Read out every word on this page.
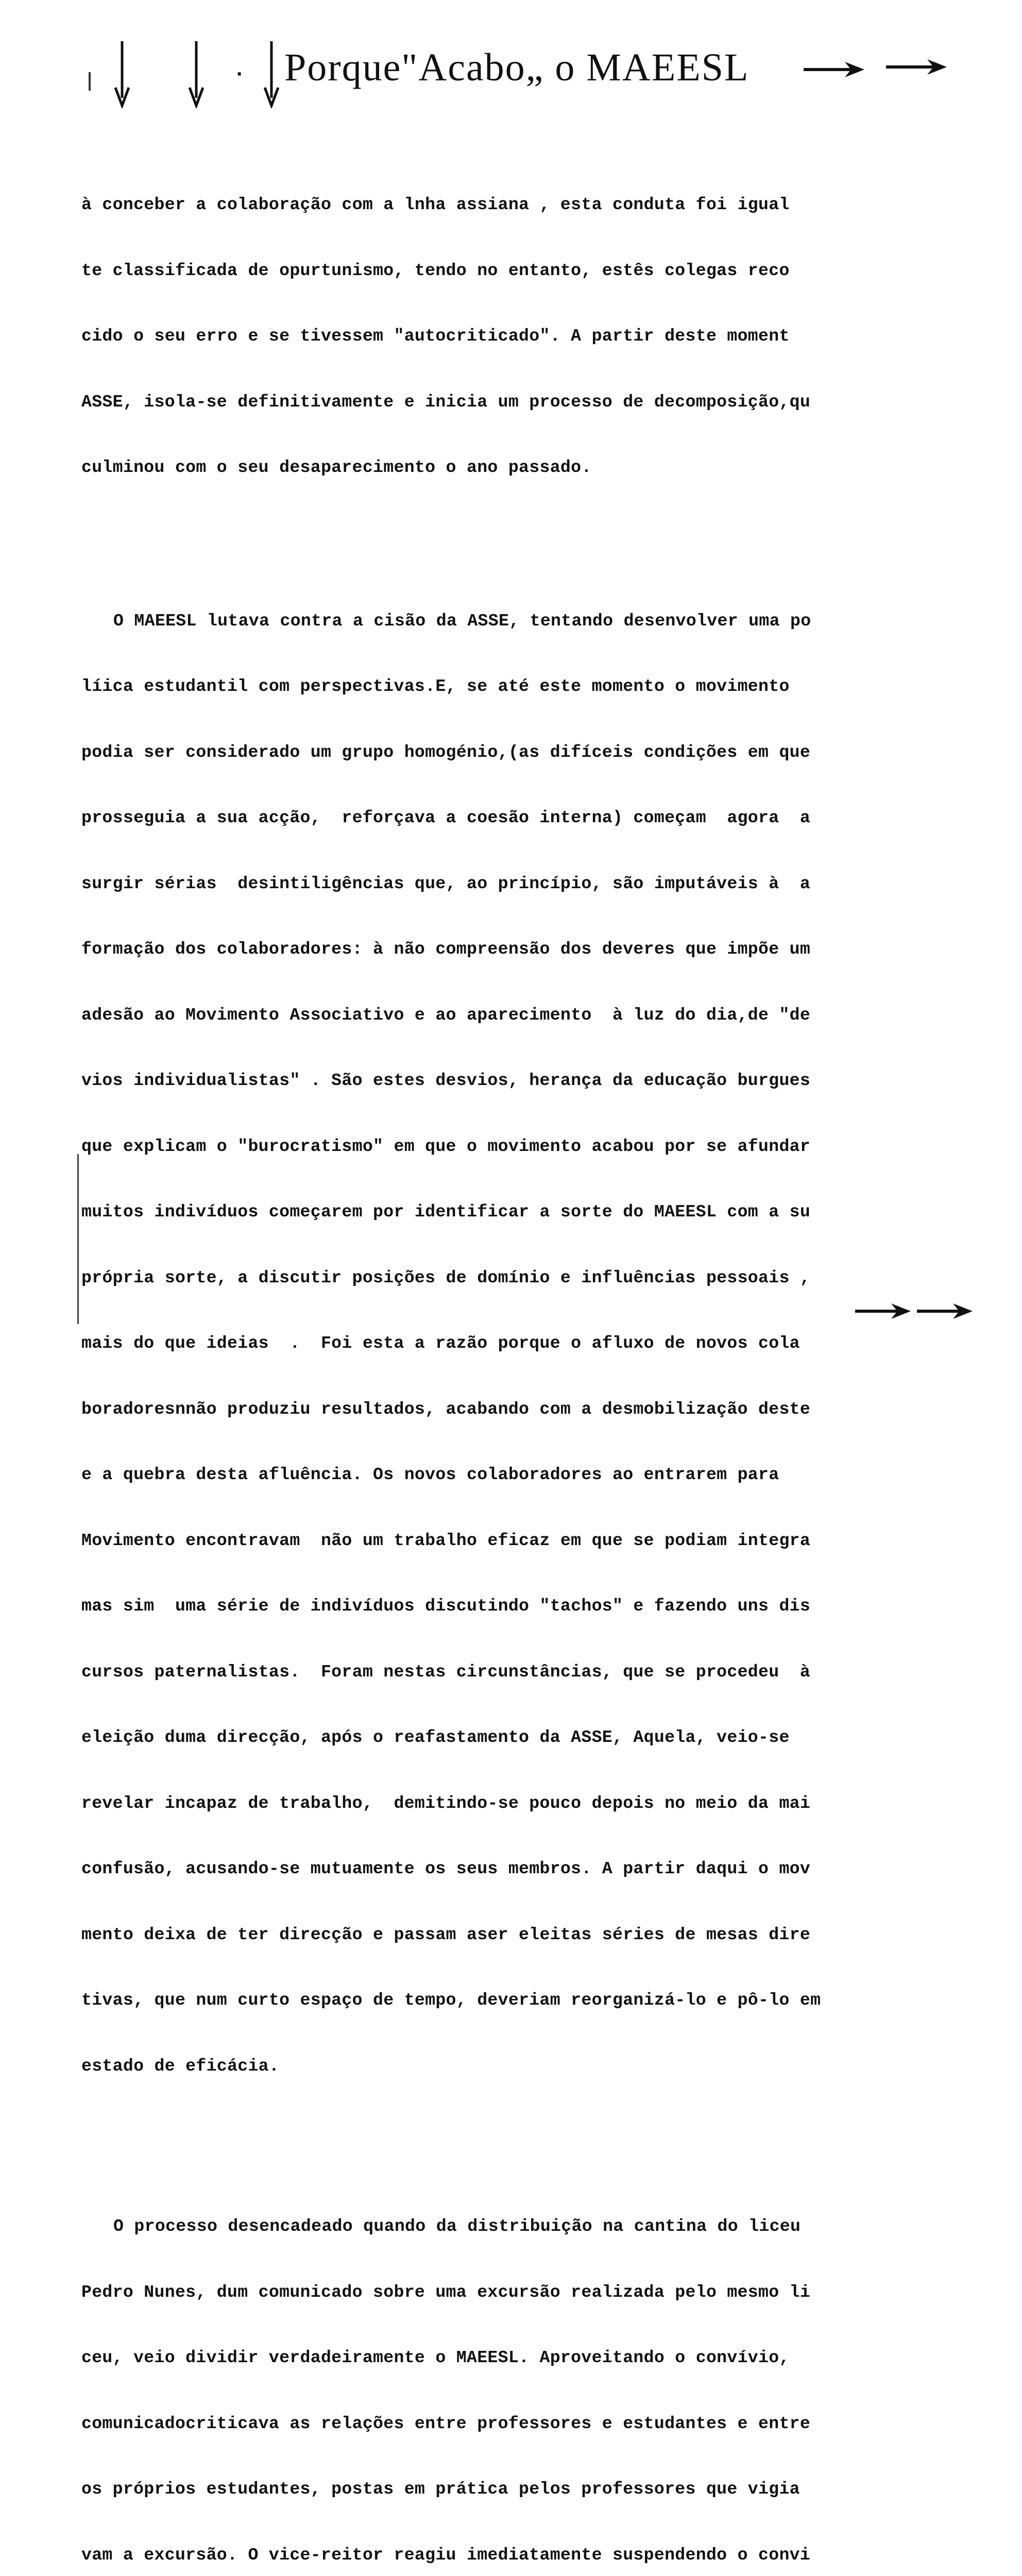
· Porque"Acabo„ o MAEESL

à conceber a colaboração com a lnha assiana , esta conduta foi igual

te classificada de opurtunismo, tendo no entanto, estês colegas reco

cido o seu erro e se tivessem "autocriticado". A partir deste moment

ASSE, isola-se definitivamente e inicia um processo de decomposição,qu

culminou com o seu desaparecimento o ano passado.

O MAEESL lutava contra a cisão da ASSE, tentando desenvolver uma po

líica estudantil com perspectivas.E, se até este momento o movimento

podia ser considerado um grupo homogénio,(as difíceis condições em que

prosseguia a sua acção,  reforçava a coesão interna) começam  agora  a

surgir sérias  desintiligências que, ao princípio, são imputáveis à  a

formação dos colaboradores: à não compreensão dos deveres que impõe um

adesão ao Movimento Associativo e ao aparecimento  à luz do dia,de "de

vios individualistas" . São estes desvios, herança da educação burgues

que explicam o "burocratismo" em que o movimento acabou por se afundar

muitos indivíduos começarem por identificar a sorte do MAEESL com a su

própria sorte, a discutir posições de domínio e influências pessoais ,

mais do que ideias  .  Foi esta a razão porque o afluxo de novos cola

boradoresnnão produziu resultados, acabando com a desmobilização deste

e a quebra desta afluência. Os novos colaboradores ao entrarem para

Movimento encontravam  não um trabalho eficaz em que se podiam integra

mas sim  uma série de indivíduos discutindo "tachos" e fazendo uns dis

cursos paternalistas.  Foram nestas circunstâncias, que se procedeu  à

eleição duma direcção, após o reafastamento da ASSE, Aquela, veio-se

revelar incapaz de trabalho,  demitindo-se pouco depois no meio da mai

confusão, acusando-se mutuamente os seus membros. A partir daqui o mov

mento deixa de ter direcção e passam aser eleitas séries de mesas dire

tivas, que num curto espaço de tempo, deveriam reorganizá-lo e pô-lo em

estado de eficácia.

O processo desencadeado quando da distribuição na cantina do liceu

Pedro Nunes, dum comunicado sobre uma excursão realizada pelo mesmo li

ceu, veio dividir verdadeiramente o MAEESL. Aproveitando o convívio,

comunicadocriticava as relações entre professores e estudantes e entre

os próprios estudantes, postas em prática pelos professores que vigia

vam a excursão. O vice-reitor reagiu imediatamente suspendendo o convi
